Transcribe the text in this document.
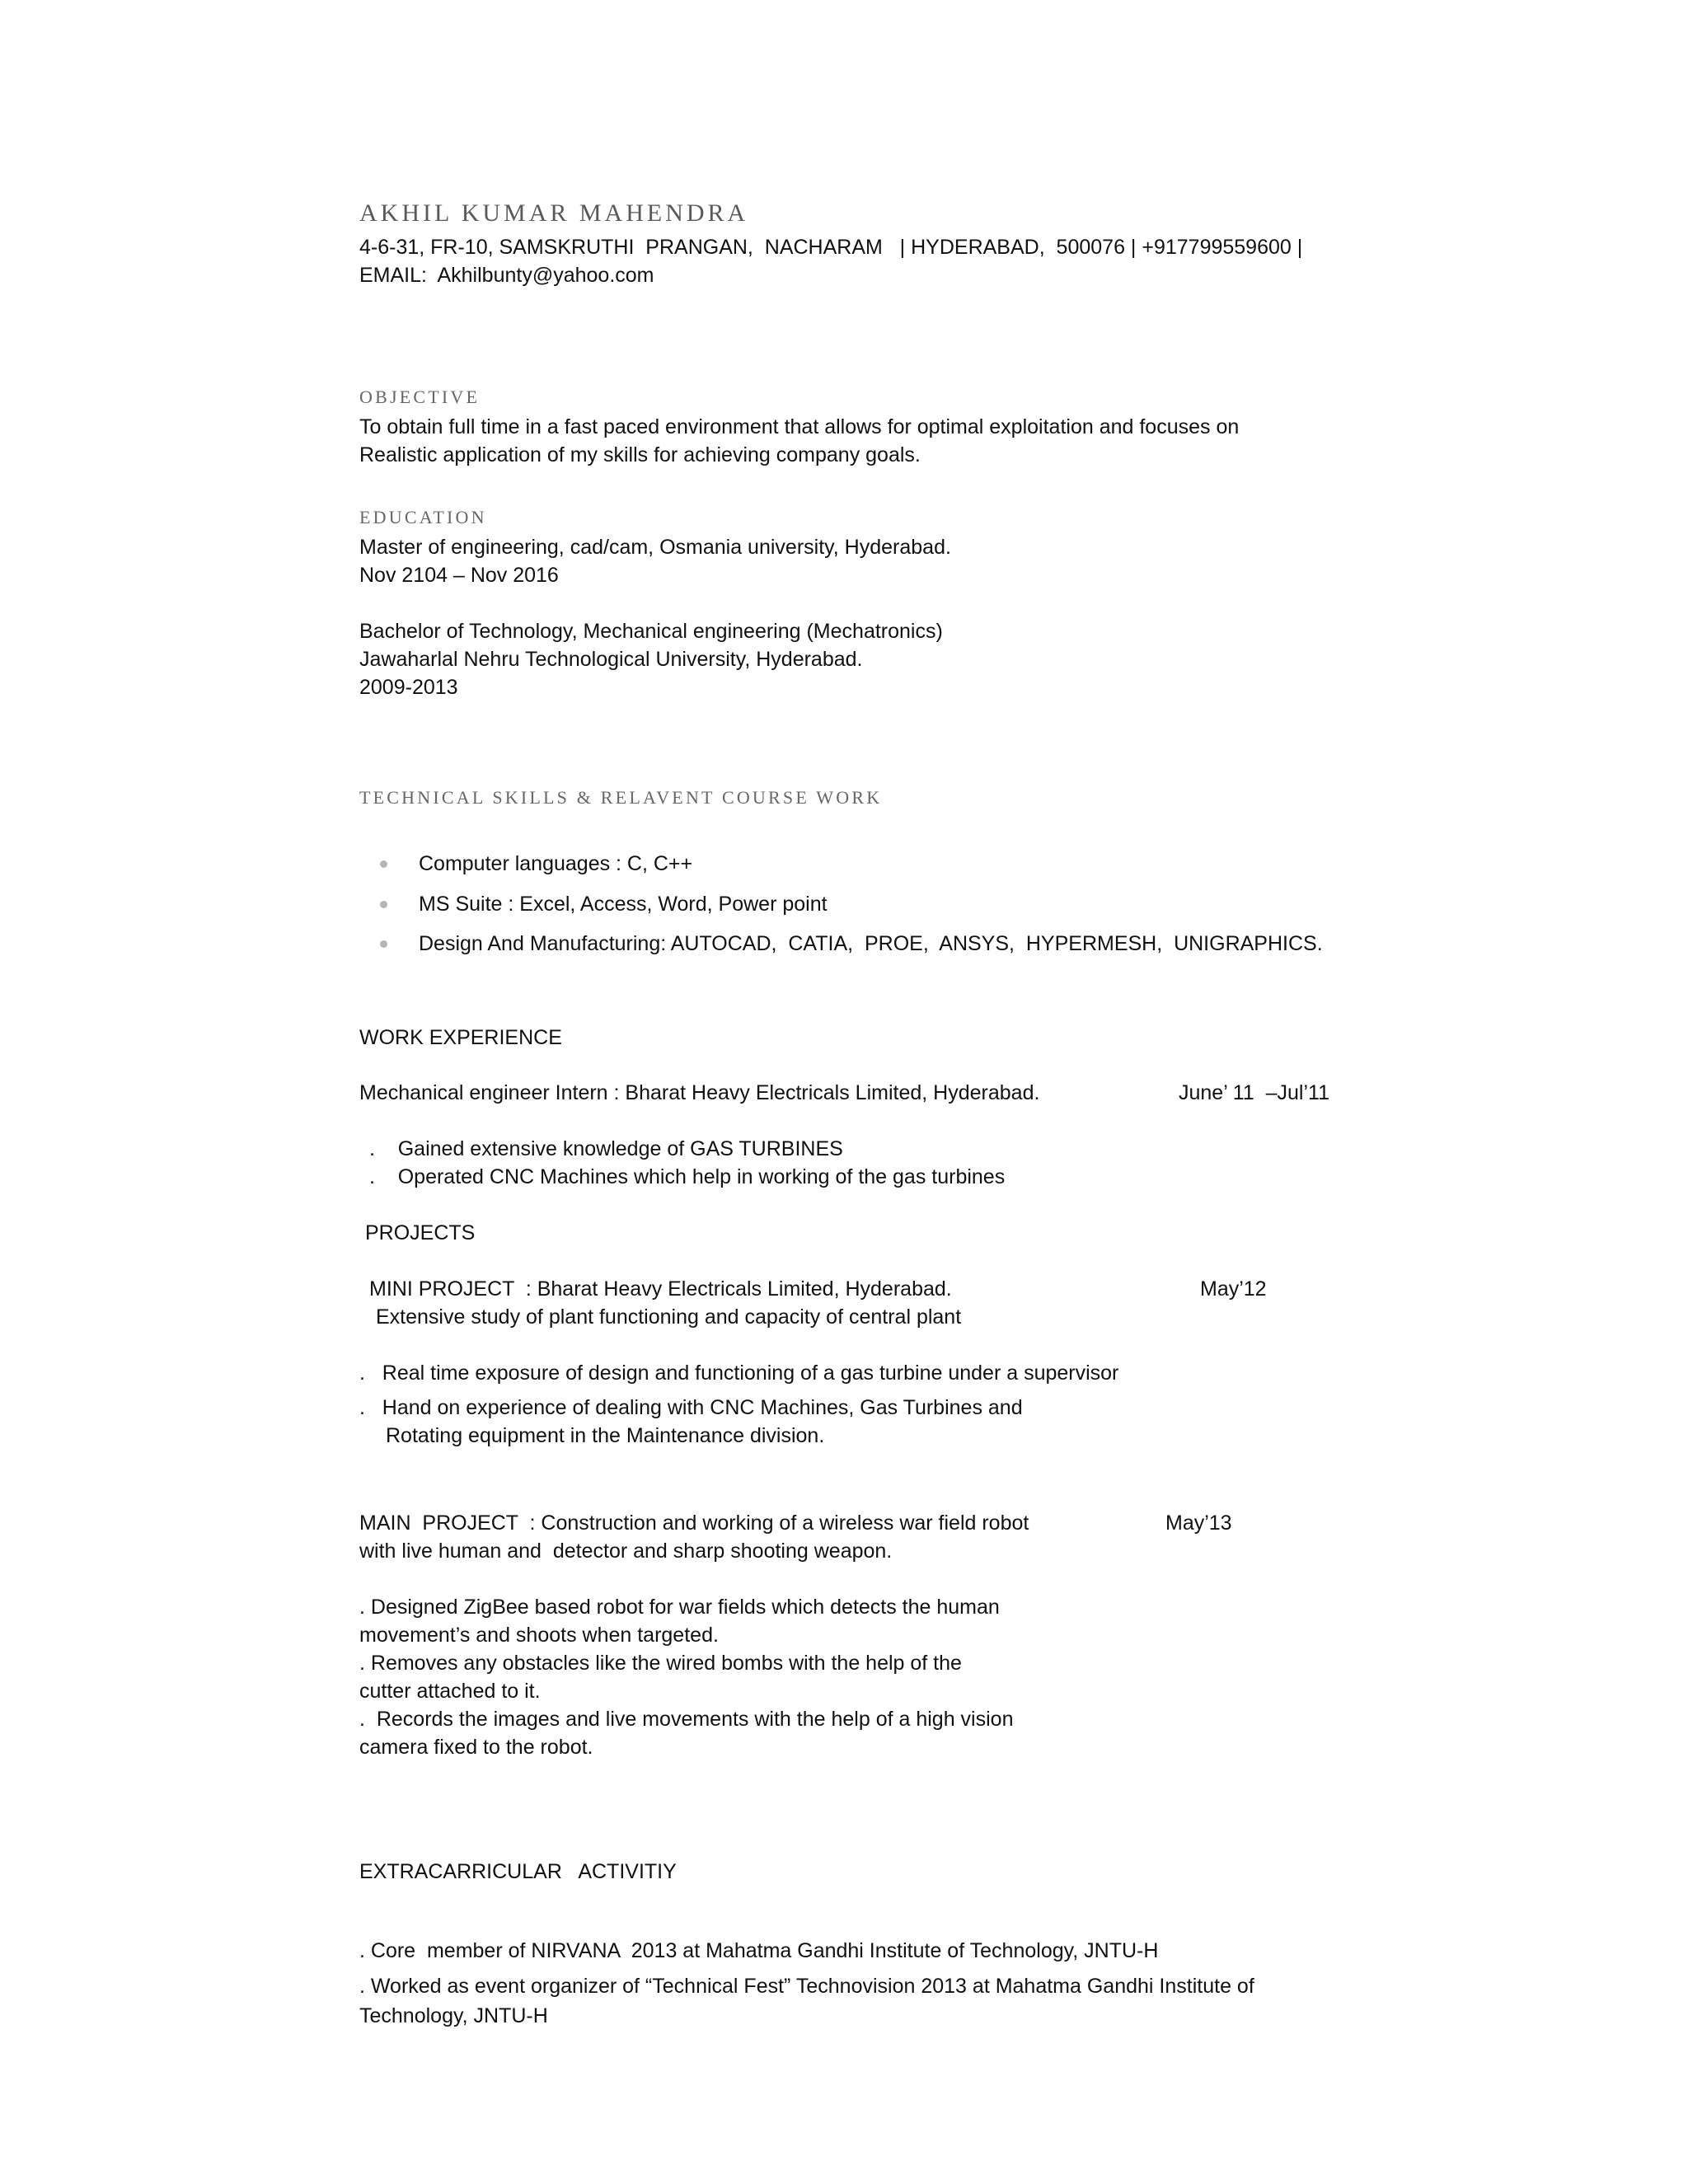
AKHIL KUMAR MAHENDRA
4-6-31, FR-10, SAMSKRUTHI  PRANGAN,  NACHARAM   | HYDERABAD,  500076 | +917799559600 |
EMAIL:  Akhilbunty@yahoo.com
OBJECTIVE
To obtain full time in a fast paced environment that allows for optimal exploitation and focuses on
Realistic application of my skills for achieving company goals.
EDUCATION
Master of engineering, cad/cam, Osmania university, Hyderabad.
Nov 2104 – Nov 2016
Bachelor of Technology, Mechanical engineering (Mechatronics)
Jawaharlal Nehru Technological University, Hyderabad.
2009-2013
TECHNICAL SKILLS & RELAVENT COURSE WORK
Computer languages : C, C++
MS Suite : Excel, Access, Word, Power point
Design And Manufacturing: AUTOCAD,  CATIA,  PROE,  ANSYS,  HYPERMESH,  UNIGRAPHICS.
WORK EXPERIENCE
Mechanical engineer Intern : Bharat Heavy Electricals Limited, Hyderabad.	June’ 11  –Jul’11
.    Gained extensive knowledge of GAS TURBINES
.    Operated CNC Machines which help in working of the gas turbines
PROJECTS
MINI PROJECT  : Bharat Heavy Electricals Limited, Hyderabad.	May’12
Extensive study of plant functioning and capacity of central plant
.   Real time exposure of design and functioning of a gas turbine under a supervisor
.   Hand on experience of dealing with CNC Machines, Gas Turbines and
Rotating equipment in the Maintenance division.
MAIN  PROJECT  : Construction and working of a wireless war field robot	May’13
with live human and  detector and sharp shooting weapon.
. Designed ZigBee based robot for war fields which detects the human
movement’s and shoots when targeted.
. Removes any obstacles like the wired bombs with the help of the
cutter attached to it.
.  Records the images and live movements with the help of a high vision
camera fixed to the robot.
EXTRACARRICULAR   ACTIVITIY
. Core  member of NIRVANA  2013 at Mahatma Gandhi Institute of Technology, JNTU-H
. Worked as event organizer of “Technical Fest” Technovision 2013 at Mahatma Gandhi Institute of
Technology, JNTU-H
